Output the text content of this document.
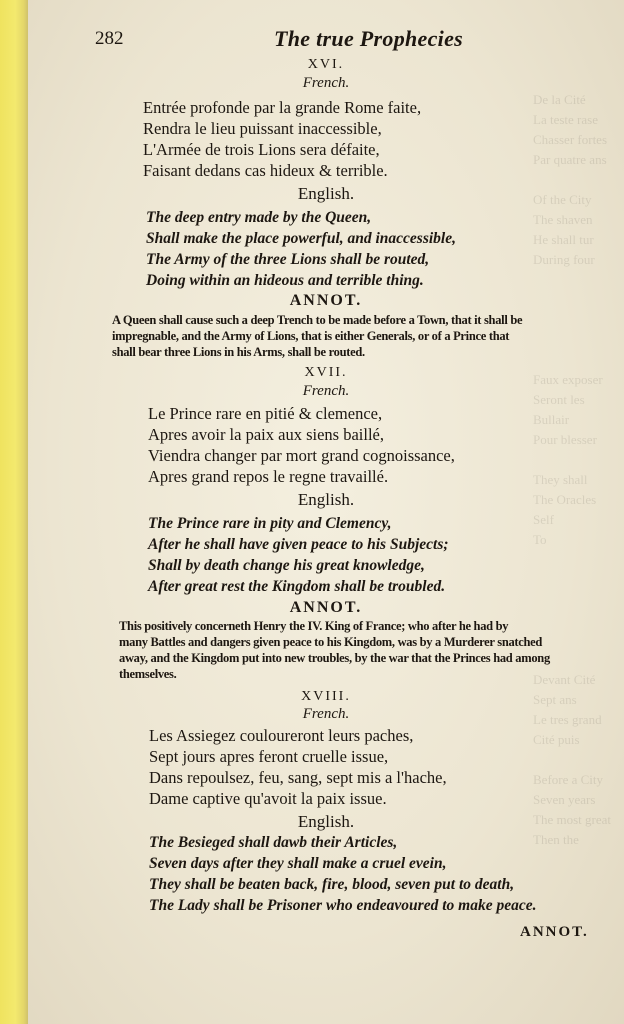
De la Cité
La teste rase
Chasser fortes
Par quatre ans

Of the City
The shaven
He shall tur
During four

Faux exposer
Seront les
Bullair
Pour blesser

They shall
The Oracles
Self
To

Devant Cité
Sept ans
Le tres grand
Cité puis

Before a City
Seven years
The most great
Then the
282	The true Prophecies
XVI.
French.
Entrée profonde par la grande Rome faite,
Rendra le lieu puissant inaccessible,
L'Armée de trois Lions sera défaite,
Faisant dedans cas hideux & terrible.
English.
The deep entry made by the Queen,
Shall make the place powerful, and inaccessible,
The Army of the three Lions shall be routed,
Doing within an hideous and terrible thing.
ANNOT.
A Queen shall cause such a deep Trench to be made before a Town, that it shall be
impregnable, and the Army of Lions, that is either Generals, or of a Prince that
shall bear three Lions in his Arms, shall be routed.
XVII.
French.
Le Prince rare en pitié & clemence,
Apres avoir la paix aux siens baillé,
Viendra changer par mort grand cognoissance,
Apres grand repos le regne travaillé.
English.
The Prince rare in pity and Clemency,
After he shall have given peace to his Subjects;
Shall by death change his great knowledge,
After great rest the Kingdom shall be troubled.
ANNOT.
This positively concerneth Henry the IV. King of France; who after he had by
many Battles and dangers given peace to his Kingdom, was by a Murderer snatched
away, and the Kingdom put into new troubles, by the war that the Princes had among
themselves.
XVIII.
French.
Les Assiegez couloureront leurs paches,
Sept jours apres feront cruelle issue,
Dans repoulsez, feu, sang, sept mis a l'hache,
Dame captive qu'avoit la paix issue.
English.
The Besieged shall dawb their Articles,
Seven days after they shall make a cruel evein,
They shall be beaten back, fire, blood, seven put to death,
The Lady shall be Prisoner who endeavoured to make peace.
ANNOT.
